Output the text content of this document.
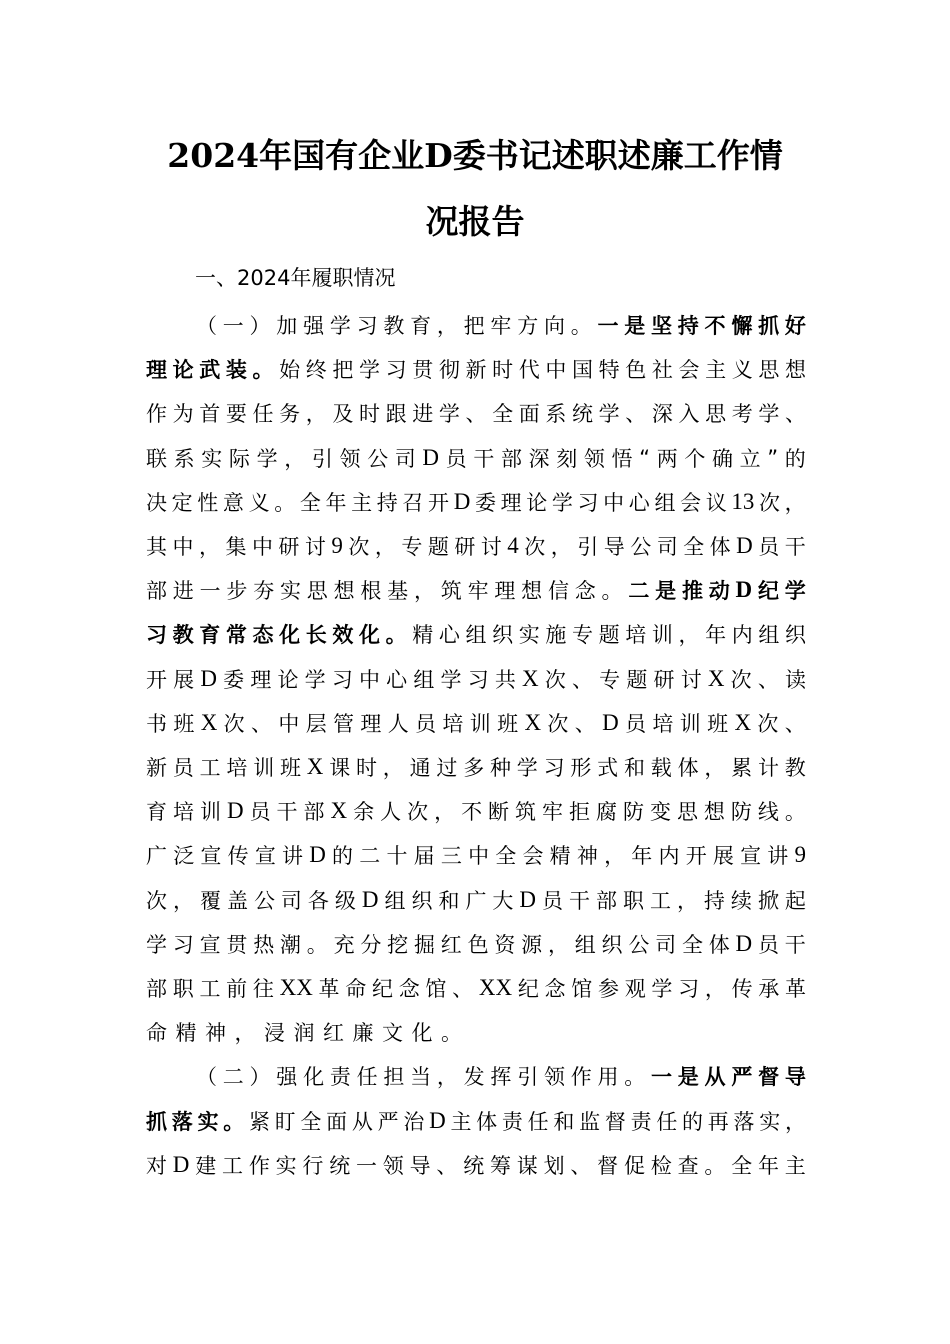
2024年国有企业D委书记述职述廉工作情
况报告
一、2024年履职情况
（ 一 ） 加 强 学 习 教 育 ， 把 牢 方 向 。 一 是 坚 持 不 懈 抓 好
理 论 武 装 。 始 终 把 学 习 贯 彻 新 时 代 中 国 特 色 社 会 主 义 思 想
作 为 首 要 任 务 ， 及 时 跟 进 学 、 全 面 系 统 学 、 深 入 思 考 学 、
联 系 实 际 学 ， 引 领 公 司 D 员 干 部 深 刻 领 悟 “ 两 个 确 立 ” 的
决 定 性 意 义 。 全 年 主 持 召 开 D 委 理 论 学 习 中 心 组 会 议 13 次 ，
其 中 ， 集 中 研 讨 9 次 ， 专 题 研 讨 4 次 ， 引 导 公 司 全 体 D 员 干
部 进 一 步 夯 实 思 想 根 基 ， 筑 牢 理 想 信 念 。 二 是 推 动 D 纪 学
习 教 育 常 态 化 长 效 化 。 精 心 组 织 实 施 专 题 培 训 ， 年 内 组 织
开 展 D 委 理 论 学 习 中 心 组 学 习 共 X 次 、 专 题 研 讨 X 次 、 读
书 班 X 次 、 中 层 管 理 人 员 培 训 班 X 次 、 D 员 培 训 班 X 次 、
新 员 工 培 训 班 X 课 时 ， 通 过 多 种 学 习 形 式 和 载 体 ， 累 计 教
育 培 训 D 员 干 部 X 余 人 次 ， 不 断 筑 牢 拒 腐 防 变 思 想 防 线 。
广 泛 宣 传 宣 讲 D 的 二 十 届 三 中 全 会 精 神 ， 年 内 开 展 宣 讲 9
次 ， 覆 盖 公 司 各 级 D 组 织 和 广 大 D 员 干 部 职 工 ， 持 续 掀 起
学 习 宣 贯 热 潮 。 充 分 挖 掘 红 色 资 源 ， 组 织 公 司 全 体 D 员 干
部 职 工 前 往 XX 革 命 纪 念 馆 、 XX 纪 念 馆 参 观 学 习 ， 传 承 革
命 精 神 ， 浸 润 红 廉 文 化 。
（ 二 ） 强 化 责 任 担 当 ， 发 挥 引 领 作 用 。 一 是 从 严 督 导
抓 落 实 。 紧 盯 全 面 从 严 治 D 主 体 责 任 和 监 督 责 任 的 再 落 实 ，
对 D 建 工 作 实 行 统 一 领 导 、 统 筹 谋 划 、 督 促 检 查 。 全 年 主
